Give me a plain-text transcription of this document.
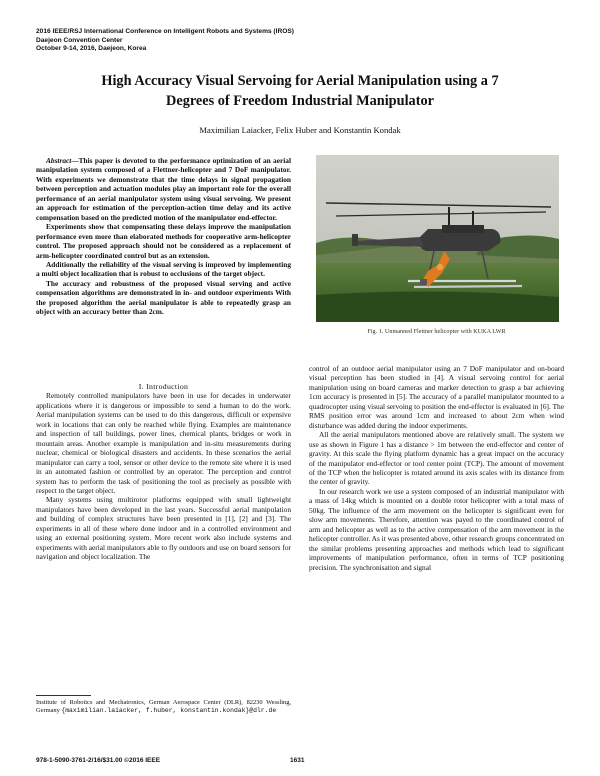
2016 IEEE/RSJ International Conference on Intelligent Robots and Systems (IROS)
Daejeon Convention Center
October 9-14, 2016, Daejeon, Korea
High Accuracy Visual Servoing for Aerial Manipulation using a 7
Degrees of Freedom Industrial Manipulator
Maximilian Laiacker, Felix Huber and Konstantin Kondak

Abstract—This paper is devoted to the performance optimization of an aerial manipulation system composed of a Flettner-helicopter and 7 DoF manipulator. With experiments we demonstrate that the time delays in signal propagation between perception and actuation modules play an important role for the overall performance of an aerial manipulator system using visual servoing. We present an approach for estimation of the perception-action time delay and its active compensation based on the predicted motion of the manipulator end-effector.

Experiments show that compensating these delays improve the manipulation performance even more than elaborated methods for cooperative arm-helicopter control. The proposed approach should not be considered as a replacement of arm-helicopter coordinated control but as an extension.

Additionally the reliability of the visual serving is improved by implementing a multi object localization that is robust to occlusions of the target object.

The accuracy and robustness of the proposed visual serving and active compensation algorithms are demonstrated in in- and outdoor experiments With the proposed algorithm the aerial manipulator is able to repeatedly grasp an object with an accuracy better than 2cm.

Fig. 1. Unmanned Flettner helicopter with KUKA LWR

I. Introduction

Remotely controlled manipulators have been in use for decades in underwater applications where it is dangerous or impossible to send a human to do the work. Aerial manipulation systems can be used to do this dangerous, difficult or expensive work in locations that can only be reached while flying. Examples are maintenance and inspection of tall buildings, power lines, chemical plants, bridges or work in mountain areas. Another example is manipulation and in-situ measurements during nuclear, chemical or biological disasters and accidents. In these scenarios the aerial manipulator can carry a tool, sensor or other device to the remote site where it is used in an automated fashion or controlled by an operator. The perception and control system has to perform the task of positioning the tool as precisely as possible with respect to the target object.

Many systems using multirotor platforms equipped with small lightweight manipulators have been developed in the last years. Successful aerial manipulation and building of complex structures have been presented in [1], [2] and [3]. The experiments in all of these where done indoor and in a controlled environment and using an external positioning system. More recent work also include systems and experiments with aerial manipulators able to fly outdoors and use on board sensors for navigation and object localization. The

control of an outdoor aerial manipulator using an 7 DoF manipulator and on-board visual perception has been studied in [4]. A visual servoing control for aerial manipulation using on board cameras and marker detection to grasp a bar achieving 1cm accuracy is presented in [5]. The accuracy of a parallel manipulator mounted to a quadrocopter using visual servoing to position the end-effector is evaluated in [6]. The RMS position error was around 1cm and increased to about 2cm when wind disturbance was added during the indoor experiments.

All the aerial manipulators mentioned above are relatively small. The system we use as shown in Figure 1 has a distance > 1m between the end-effector and center of gravity. At this scale the flying platform dynamic has a great impact on the accuracy of the manipulator end-effector or tool center point (TCP). The amount of movement of the TCP when the helicopter is rotated around its axis scales with its distance from the center of gravity.

In our research work we use a system composed of an industrial manipulator with a mass of 14kg which is mounted on a double rotor helicopter with a total mass of 50kg. The influence of the arm movement on the helicopter is significant even for slow arm movements. Therefore, attention was payed to the coordinated control of arm and helicopter as well as to the active compensation of the arm movement in the helicopter controller. As it was presented above, other research groups concentrated on the similar problems presenting approaches and methods which lead to significant improvements of manipulation performance, often in terms of TCP positioning precision. The synchronisation and signal

Institute of Robotics and Mechatronics, German Aerospace Center (DLR), 82230 Wessling, Germany {maximilian.laiacker, f.huber, konstantin.kondak}@dlr.de
978-1-5090-3761-2/16/$31.00 ©2016 IEEE	1631
